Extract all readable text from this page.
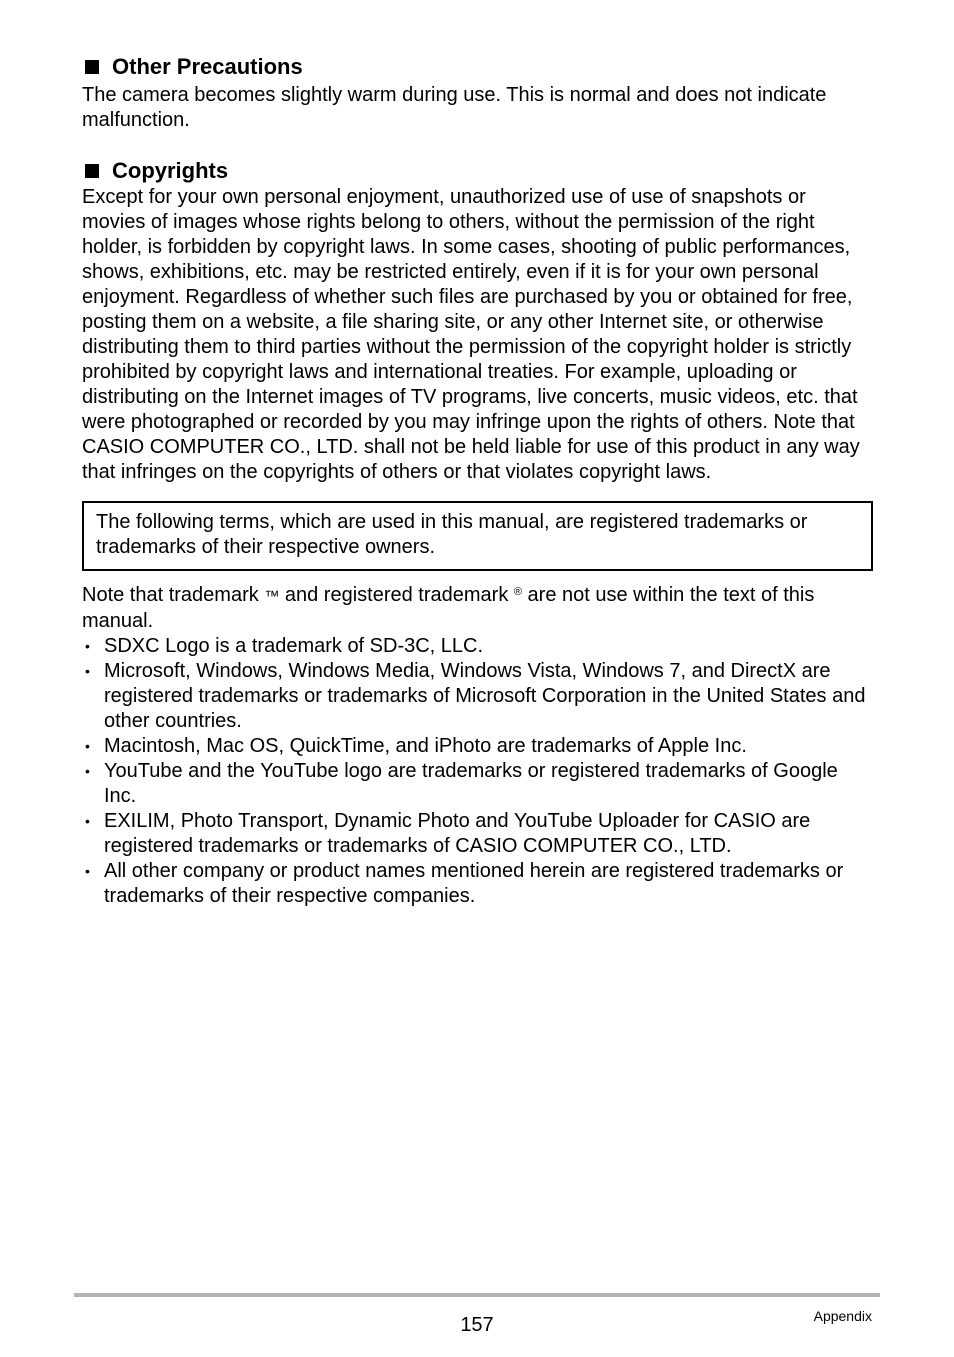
Other Precautions

The camera becomes slightly warm during use. This is normal and does not indicate malfunction.

Copyrights

Except for your own personal enjoyment, unauthorized use of use of snapshots or movies of images whose rights belong to others, without the permission of the right holder, is forbidden by copyright laws. In some cases, shooting of public performances, shows, exhibitions, etc. may be restricted entirely, even if it is for your own personal enjoyment. Regardless of whether such files are purchased by you or obtained for free, posting them on a website, a file sharing site, or any other Internet site, or otherwise distributing them to third parties without the permission of the copyright holder is strictly prohibited by copyright laws and international treaties. For example, uploading or distributing on the Internet images of TV programs, live concerts, music videos, etc. that were photographed or recorded by you may infringe upon the rights of others. Note that CASIO COMPUTER CO., LTD. shall not be held liable for use of this product in any way that infringes on the copyrights of others or that violates copyright laws.

The following terms, which are used in this manual, are registered trademarks or trademarks of their respective owners.
Note that trademark ™ and registered trademark ® are not use within the text of this manual.
• SDXC Logo is a trademark of SD-3C, LLC.
• Microsoft, Windows, Windows Media, Windows Vista, Windows 7, and DirectX are registered trademarks or trademarks of Microsoft Corporation in the United States and other countries.
• Macintosh, Mac OS, QuickTime, and iPhoto are trademarks of Apple Inc.
• YouTube and the YouTube logo are trademarks or registered trademarks of Google Inc.
• EXILIM, Photo Transport, Dynamic Photo and YouTube Uploader for CASIO are registered trademarks or trademarks of CASIO COMPUTER CO., LTD.
• All other company or product names mentioned herein are registered trademarks or trademarks of their respective companies.
157	Appendix
